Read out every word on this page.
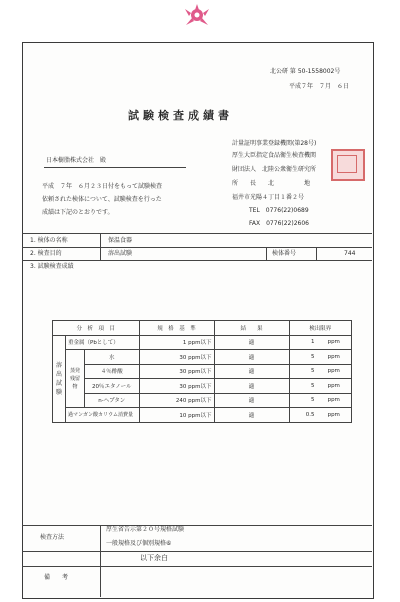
北公研 第 50-1558002号
平成７年　７月　６日
試験検査成績書
日本樹脂株式会社　殿
計量証明事業登録機関(第28号)
厚生大臣指定食品衛生検査機関
財団法人　北陸公衆衛生研究所
所　　長　　北　　　　　地
福井市光陽４丁目１番２号
TEL　0776(22)0689
FAX　0776(22)2606
平成　７年　６月２３日付をもって試験検査
依頼された検体について、試験検査を行った
成績は下記のとおりです。
1. 検体の名称	保温食器
2. 検査目的	溶出試験	検体番号	744
3. 試験検査成績
分　析　項　目			規　格　基　準	結　　果	検出限界	
溶出試験	重金属（Pbとして）		1 ppm以下	適	1	ppm
	蒸発残留物	水	30 ppm以下	適	5	ppm
		４％酢酸	30 ppm以下	適	5	ppm
		20％エタノール	30 ppm以下	適	5	ppm
		n-ヘプタン	240 ppm以下	適	5	ppm
	過マンガン酸カリウム消費量		10 ppm以下	適	0.5	ppm
検査方法
厚生省告示第２０号規格試験
一般規格及び個別規格⑥
以下余白
備　　考
